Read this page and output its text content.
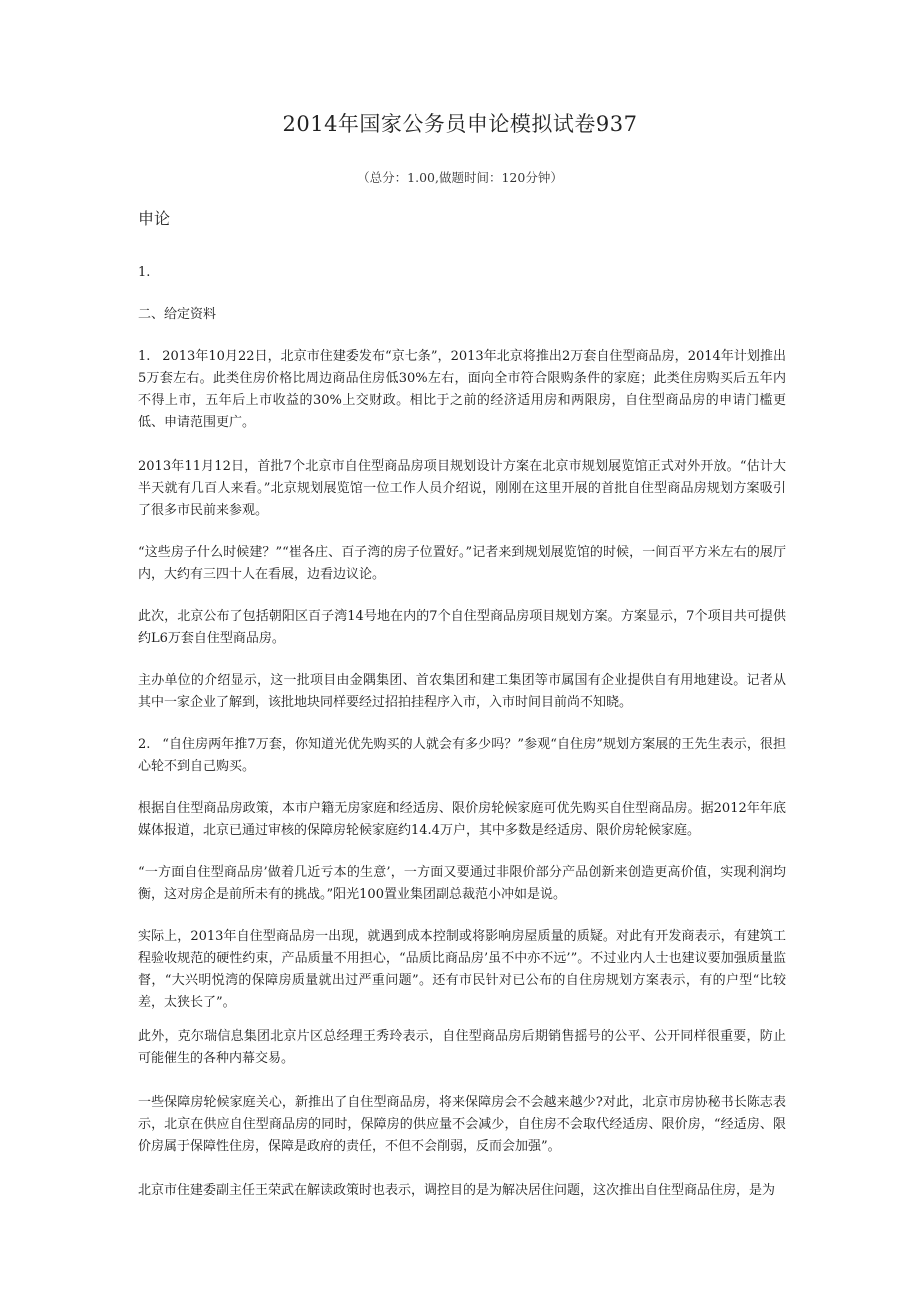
2014年国家公务员申论模拟试卷937
（总分：1.00,做题时间：120分钟）
申论
1.
二、给定资料
1. 2013年10月22日，北京市住建委发布“京七条”，2013年北京将推出2万套自住型商品房，2014年计划推出5万套左右。此类住房价格比周边商品住房低30%左右，面向全市符合限购条件的家庭；此类住房购买后五年内不得上市，五年后上市收益的30%上交财政。相比于之前的经济适用房和两限房，自住型商品房的申请门槛更低、申请范围更广。
2013年11月12日，首批7个北京市自住型商品房项目规划设计方案在北京市规划展览馆正式对外开放。“估计大半天就有几百人来看。”北京规划展览馆一位工作人员介绍说，刚刚在这里开展的首批自住型商品房规划方案吸引了很多市民前来参观。
“这些房子什么时候建？”“崔各庄、百子湾的房子位置好。”记者来到规划展览馆的时候，一间百平方米左右的展厅内，大约有三四十人在看展，边看边议论。
此次，北京公布了包括朝阳区百子湾14号地在内的7个自住型商品房项目规划方案。方案显示，7个项目共可提供约L6万套自住型商品房。
主办单位的介绍显示，这一批项目由金隅集团、首农集团和建工集团等市属国有企业提供自有用地建设。记者从其中一家企业了解到，该批地块同样要经过招拍挂程序入市，入市时间目前尚不知晓。
2. “自住房两年推7万套，你知道光优先购买的人就会有多少吗？”参观“自住房”规划方案展的王先生表示，很担心轮不到自己购买。
根据自住型商品房政策，本市户籍无房家庭和经适房、限价房轮候家庭可优先购买自住型商品房。据2012年年底媒体报道，北京已通过审核的保障房轮候家庭约14.4万户，其中多数是经适房、限价房轮候家庭。
“一方面自住型商品房’做着几近亏本的生意’，一方面又要通过非限价部分产品创新来创造更高价值，实现利润均衡，这对房企是前所未有的挑战。”阳光100置业集团副总裁范小冲如是说。
实际上，2013年自住型商品房一出现，就遇到成本控制或将影响房屋质量的质疑。对此有开发商表示，有建筑工程验收规范的硬性约束，产品质量不用担心，“品质比商品房’虽不中亦不远’”。不过业内人士也建议要加强质量监督，“大兴明悦湾的保障房质量就出过严重问题”。还有市民针对已公布的自住房规划方案表示，有的户型“比较差，太狭长了”。
此外，克尔瑞信息集团北京片区总经理王秀玲表示，自住型商品房后期销售摇号的公平、公开同样很重要，防止可能催生的各种内幕交易。
一些保障房轮候家庭关心，新推出了自住型商品房，将来保障房会不会越来越少?对此，北京市房协秘书长陈志表示，北京在供应自住型商品房的同时，保障房的供应量不会减少，自住房不会取代经适房、限价房，“经适房、限价房属于保障性住房，保障是政府的责任，不但不会削弱，反而会加强”。
北京市住建委副主任王荣武在解读政策时也表示，调控目的是为解决居住问题，这次推出自住型商品住房，是为
